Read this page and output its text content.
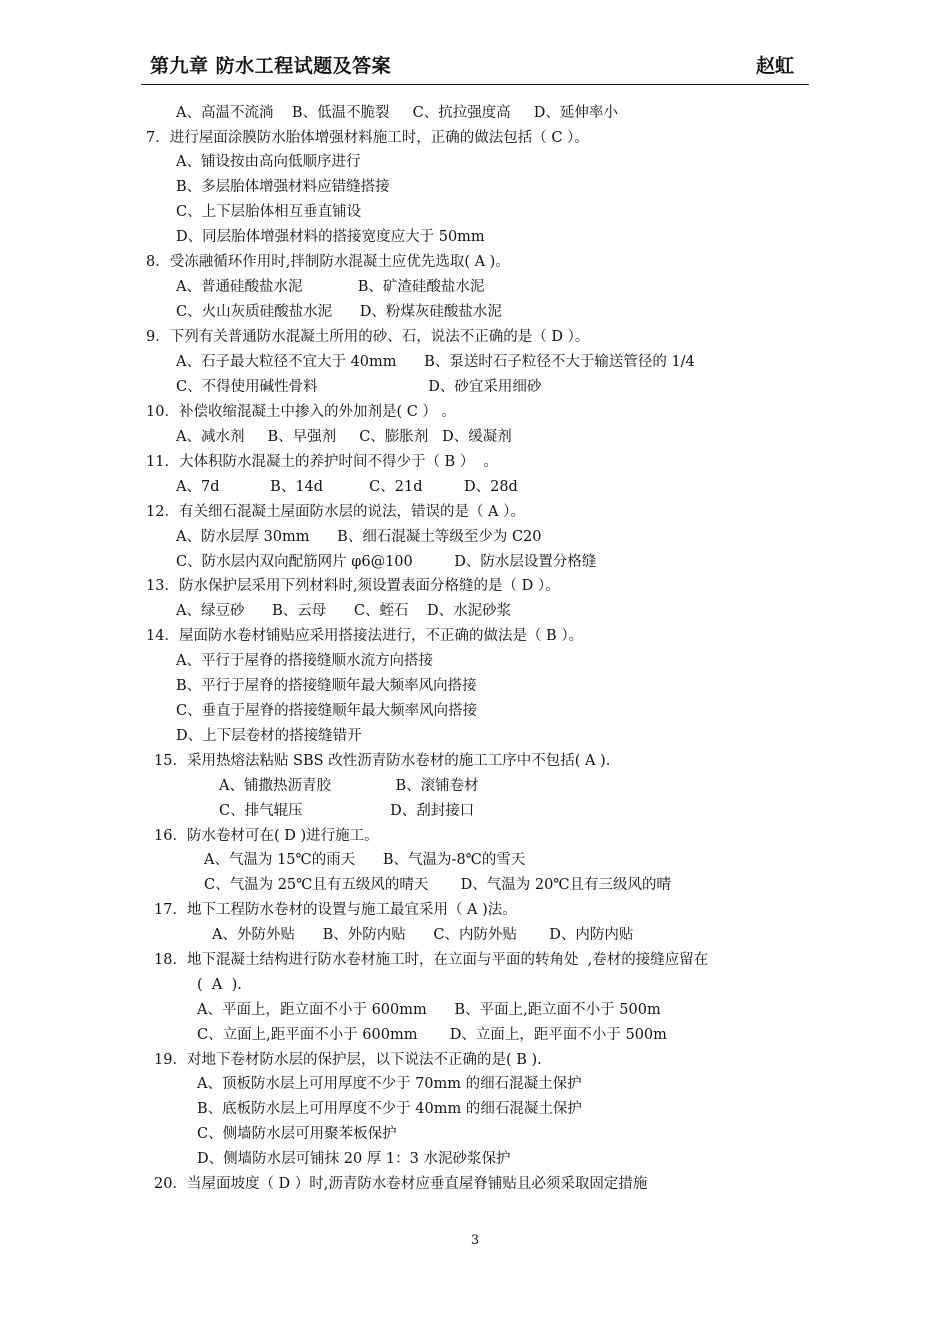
第九章 防水工程试题及答案	赵虹
A、高温不流淌    B、低温不脆裂     C、抗拉强度高     D、延伸率小
7．进行屋面涂膜防水胎体增强材料施工时，正确的做法包括（ C ）。
A、铺设按由高向低顺序进行
B、多层胎体增强材料应错缝搭接
C、上下层胎体相互垂直铺设
D、同层胎体增强材料的搭接宽度应大于 50mm
8．受冻融循环作用时,拌制防水混凝土应优先选取( A )。
A、普通硅酸盐水泥            B、矿渣硅酸盐水泥
C、火山灰质硅酸盐水泥      D、粉煤灰硅酸盐水泥
9．下列有关普通防水混凝土所用的砂、石，说法不正确的是（ D ）。
A、石子最大粒径不宜大于 40mm      B、泵送时石子粒径不大于输送管径的 1/4
C、不得使用碱性骨料                        D、砂宜采用细砂
10．补偿收缩混凝土中掺入的外加剂是( C ） 。
A、减水剂     B、早强剂     C、膨胀剂   D、缓凝剂
11．大体积防水混凝土的养护时间不得少于（ B ）  。
A、7d           B、14d          C、21d         D、28d
12．有关细石混凝土屋面防水层的说法，错误的是（ A ）。
A、防水层厚 30mm      B、细石混凝土等级至少为 C20
C、防水层内双向配筋网片 φ6@100         D、防水层设置分格缝
13．防水保护层采用下列材料时,须设置表面分格缝的是（ D ）。
A、绿豆砂      B、云母      C、蛭石    D、水泥砂浆
14．屋面防水卷材铺贴应采用搭接法进行，不正确的做法是（ B ）。
A、平行于屋脊的搭接缝顺水流方向搭接
B、平行于屋脊的搭接缝顺年最大频率风向搭接
C、垂直于屋脊的搭接缝顺年最大频率风向搭接
D、上下层卷材的搭接缝错开
15．采用热熔法粘贴 SBS 改性沥青防水卷材的施工工序中不包括( A ).
A、铺撒热沥青胶              B、滚铺卷材
C、排气辊压                   D、刮封接口
16．防水卷材可在( D )进行施工。
A、气温为 15℃的雨天      B、气温为-8℃的雪天
C、气温为 25℃且有五级风的晴天       D、气温为 20℃且有三级风的晴
17．地下工程防水卷材的设置与施工最宜采用（ A )法。
A、外防外贴      B、外防内贴      C、内防外贴       D、内防内贴
18．地下混凝土结构进行防水卷材施工时，在立面与平面的转角处  ,卷材的接缝应留在
(  A  ).
A、平面上，距立面不小于 600mm      B、平面上,距立面不小于 500m
C、立面上,距平面不小于 600mm       D、立面上，距平面不小于 500m
19．对地下卷材防水层的保护层，以下说法不正确的是( B ).
A、顶板防水层上可用厚度不少于 70mm 的细石混凝土保护
B、底板防水层上可用厚度不少于 40mm 的细石混凝土保护
C、侧墙防水层可用聚苯板保护
D、侧墙防水层可铺抹 20 厚 1：3 水泥砂浆保护
20．当屋面坡度（ D ）时,沥青防水卷材应垂直屋脊铺贴且必须采取固定措施
3
